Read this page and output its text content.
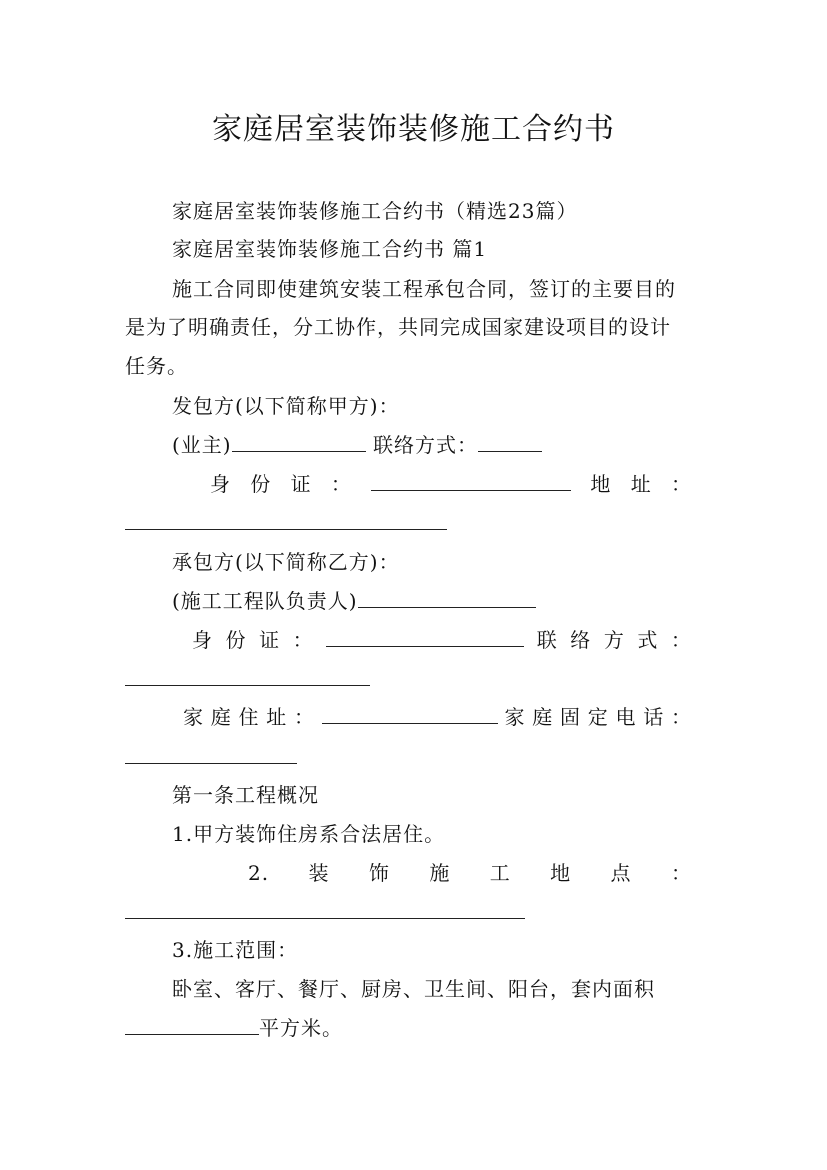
家庭居室装饰装修施工合约书
家庭居室装饰装修施工合约书（精选23篇）
家庭居室装饰装修施工合约书 篇1
施工合同即使建筑安装工程承包合同，签订的主要目的
是为了明确责任，分工协作，共同完成国家建设项目的设计
任务。
发包方(以下简称甲方)：
(业主)	联络方式：
身 份 证 ：	地 址 ：
承包方(以下简称乙方)：
(施工工程队负责人)
身 份 证 ：	联 络 方 式 ：
家 庭 住 址 ：	家 庭 固 定 电 话 ：
第一条工程概况
1.甲方装饰住房系合法居住。
2. 装 饰 施 工 地 点 ：
3.施工范围：
卧室、客厅、餐厅、厨房、卫生间、阳台，套内面积
平方米。
